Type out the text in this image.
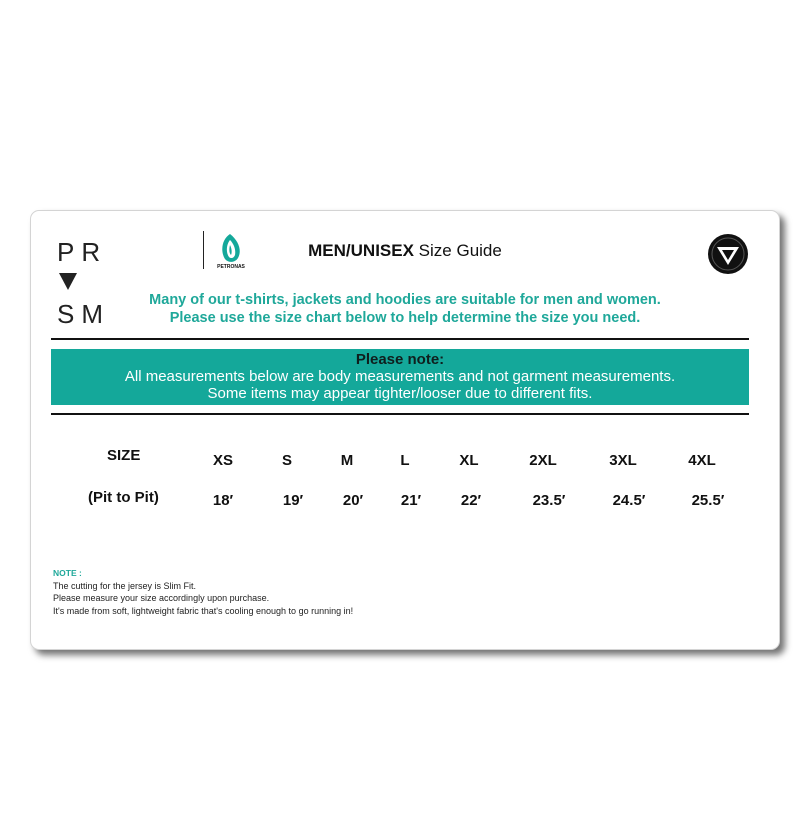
PRSM
PETRONAS
MEN/UNISEX Size Guide
Many of our t-shirts, jackets and hoodies are suitable for men and women.
Please use the size chart below to help determine the size you need.
Please note:
All measurements below are body measurements and not garment measurements.
Some items may appear tighter/looser due to different fits.
SIZE	XS	S	M	L	XL	2XL	3XL	4XL
(Pit to Pit)	18′	19′	20′	21′	22′	23.5′	24.5′	25.5′
NOTE :
The cutting for the jersey is Slim Fit.
Please measure your size accordingly upon purchase.
It's made from soft, lightweight fabric that's cooling enough to go running in!
